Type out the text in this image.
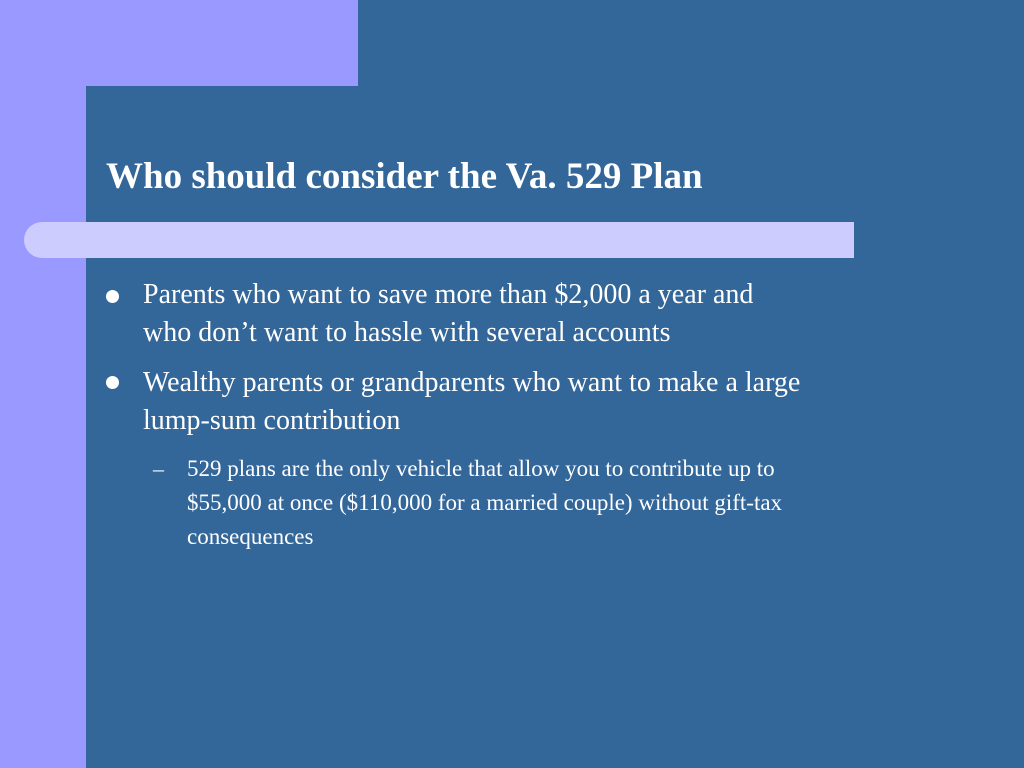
Who should consider the Va. 529 Plan
Parents who want to save more than $2,000 a year and
who don’t want to hassle with several accounts
Wealthy parents or grandparents who want to make a large
lump-sum contribution
– 529 plans are the only vehicle that allow you to contribute up to
$55,000 at once ($110,000 for a married couple) without gift-tax
consequences
